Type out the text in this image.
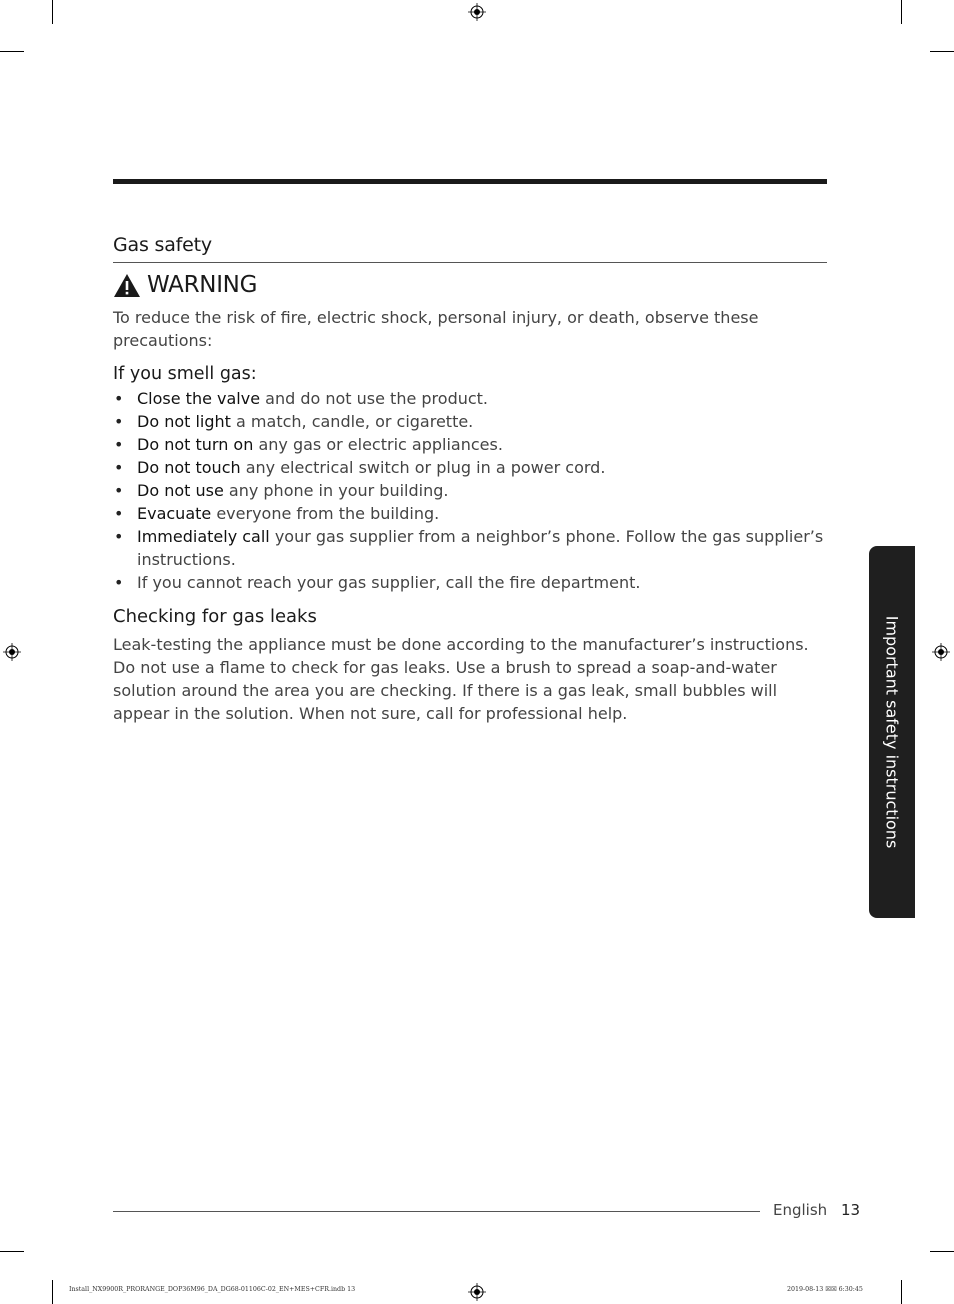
Gas safety
WARNING
To reduce the risk of fire, electric shock, personal injury, or death, observe these precautions:
If you smell gas:
• Close the valve and do not use the product.
• Do not light a match, candle, or cigarette.
• Do not turn on any gas or electric appliances.
• Do not touch any electrical switch or plug in a power cord.
• Do not use any phone in your building.
• Evacuate everyone from the building.
• Immediately call your gas supplier from a neighbor’s phone. Follow the gas supplier’s instructions.
• If you cannot reach your gas supplier, call the fire department.
Checking for gas leaks
Leak-testing the appliance must be done according to the manufacturer’s instructions. Do not use a flame to check for gas leaks. Use a brush to spread a soap-and-water solution around the area you are checking. If there is a gas leak, small bubbles will appear in the solution. When not sure, call for professional help.	Important safety instructions
English 13
Install_NX9900R_PRORANGE_DOP36M96_DA_DG68-01106C-02_EN+MES+CFR.indb 13	2019-08-13 ☒☒ 6:30:45
